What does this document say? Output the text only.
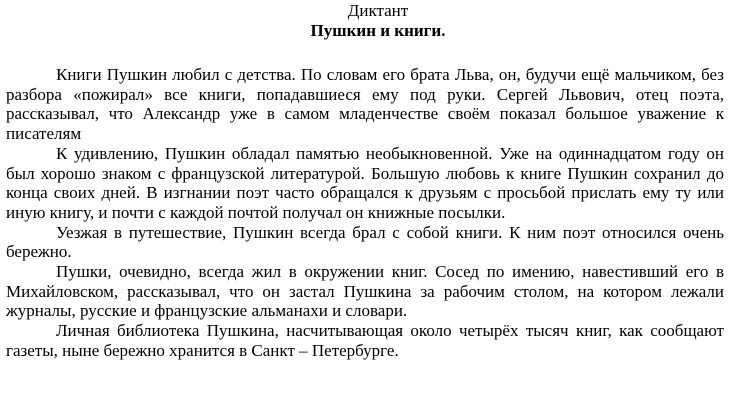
Диктант
Пушкин и книги.

Книги Пушкин любил с детства. По словам его брата Льва, он, будучи ещё мальчиком, без разбора «пожирал» все книги, попадавшиеся ему под руки. Сергей Львович, отец поэта, рассказывал, что Александр уже в самом младенчестве своём показал большое уважение к писателям

К удивлению, Пушкин обладал памятью необыкновенной. Уже на одиннадцатом году он был хорошо знаком с французской литературой. Большую любовь к книге Пушкин сохранил до конца своих дней. В изгнании поэт часто обращался к друзьям с просьбой прислать ему ту или иную книгу, и почти с каждой почтой получал он книжные посылки.

Уезжая в путешествие, Пушкин всегда брал с собой книги. К ним поэт относился очень бережно.

Пушки, очевидно, всегда жил в окружении книг. Сосед по имению, навестивший его в Михайловском, рассказывал, что он застал Пушкина за рабочим столом, на котором лежали журналы, русские и французские альманахи и словари.

Личная библиотека Пушкина, насчитывающая около четырёх тысяч книг, как сообщают газеты, ныне бережно хранится в Санкт – Петербурге.
